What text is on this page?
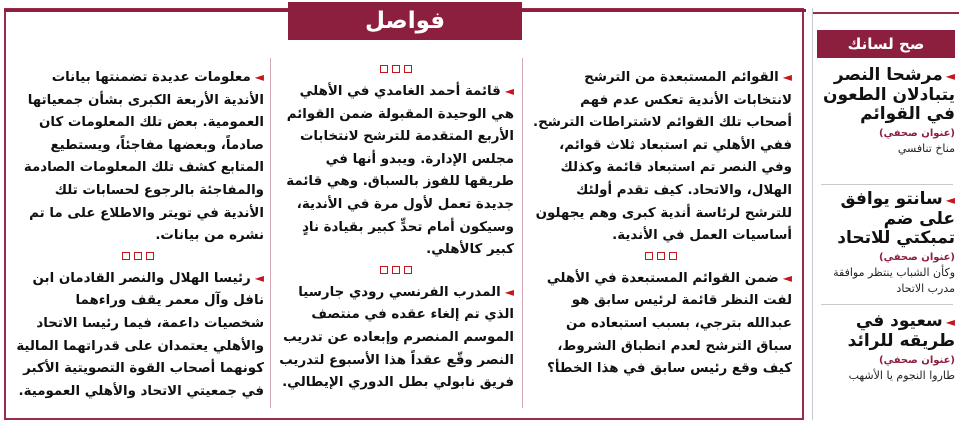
فواصل

◄القوائم المستبعدة من الترشح لانتخابات الأندية تعكس عدم فهم أصحاب تلك القوائم لاشتراطات الترشح. ففي الأهلي تم استبعاد ثلاث قوائم، وفي النصر تم استبعاد قائمة وكذلك الهلال، والاتحاد. كيف تقدم أولئك للترشح لرئاسة أندية كبرى وهم يجهلون أساسيات العمل في الأندية.

◄ضمن القوائم المستبعدة في الأهلي لفت النظر قائمة لرئيس سابق هو عبدالله بترجي، بسبب استبعاده من سباق الترشح لعدم انطباق الشروط، كيف وقع رئيس سابق في هذا الخطأ؟

◄قائمة أحمد الغامدي في الأهلي هي الوحيدة المقبولة ضمن القوائم الأربع المتقدمة للترشح لانتخابات مجلس الإدارة. ويبدو أنها في طريقها للفوز بالسباق. وهي قائمة جديدة تعمل لأول مرة في الأندية، وسيكون أمام تحدٍّ كبير بقيادة نادٍ كبير كالأهلي.

◄المدرب الفرنسي رودي جارسيا الذي تم إلغاء عقده في منتصف الموسم المنصرم وإبعاده عن تدريب النصر وقّع عقداً هذا الأسبوع لتدريب فريق نابولي بطل الدوري الإيطالي.

◄معلومات عديدة تضمنتها بيانات الأندية الأربعة الكبرى بشأن جمعياتها العمومية. بعض تلك المعلومات كان صادماً، وبعضها مفاجئاً، ويستطيع المتابع كشف تلك المعلومات الصادمة والمفاجئة بالرجوع لحسابات تلك الأندية في تويتر والاطلاع على ما تم نشره من بيانات.

◄رئيسا الهلال والنصر القادمان ابن نافل وآل معمر يقف وراءهما شخصيات داعمة، فيما رئيسا الاتحاد والأهلي يعتمدان على قدراتهما المالية كونهما أصحاب القوة التصويتية الأكبر في جمعيتي الاتحاد والأهلي العمومية.

صح لسانك
◄مرشحا النصر يتبادلان الطعون في القوائم
(عنوان صحفي)
مناخ تنافسي
◄سانتو يوافق على ضم تمبكتي للاتحاد
(عنوان صحفي)
وكأن الشباب ينتظر موافقة مدرب الاتحاد
◄سعيود في طريقه للرائد
(عنوان صحفي)
طاروا النجوم يا الأشهب
